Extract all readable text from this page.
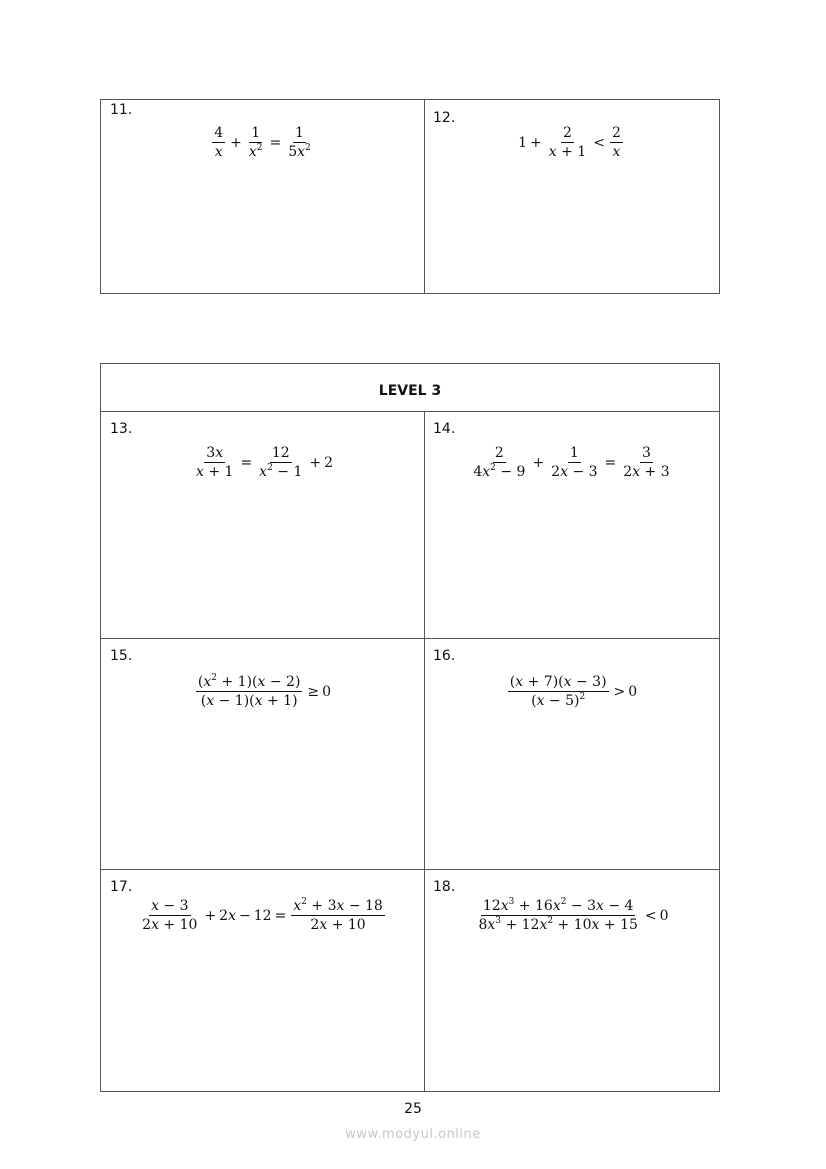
11.
$\frac{4}{x} + \frac{1}{x^2} = \frac{1}{5x^2}$
12.
$1 + \frac{2}{x + 1} < \frac{2}{x}$
LEVEL 3
13.
$\frac{3x}{x + 1} = \frac{12}{x^2 - 1} + 2$
14.
$\frac{2}{4x^2 - 9} + \frac{1}{2x - 3} = \frac{3}{2x + 3}$
15.
$\frac{(x^2 + 1)(x - 2)}{(x - 1)(x + 1)} \ge 0$
16.
$\frac{(x + 7)(x - 3)}{(x - 5)^2} > 0$
17.
$\frac{x - 3}{2x + 10} + 2x - 12 = \frac{x^2 + 3x - 18}{2x + 10}$
18.
$\frac{12x^3 + 16x^2 - 3x - 4}{8x^3 + 12x^2 + 10x + 15} < 0$
25
www.modyul.online
